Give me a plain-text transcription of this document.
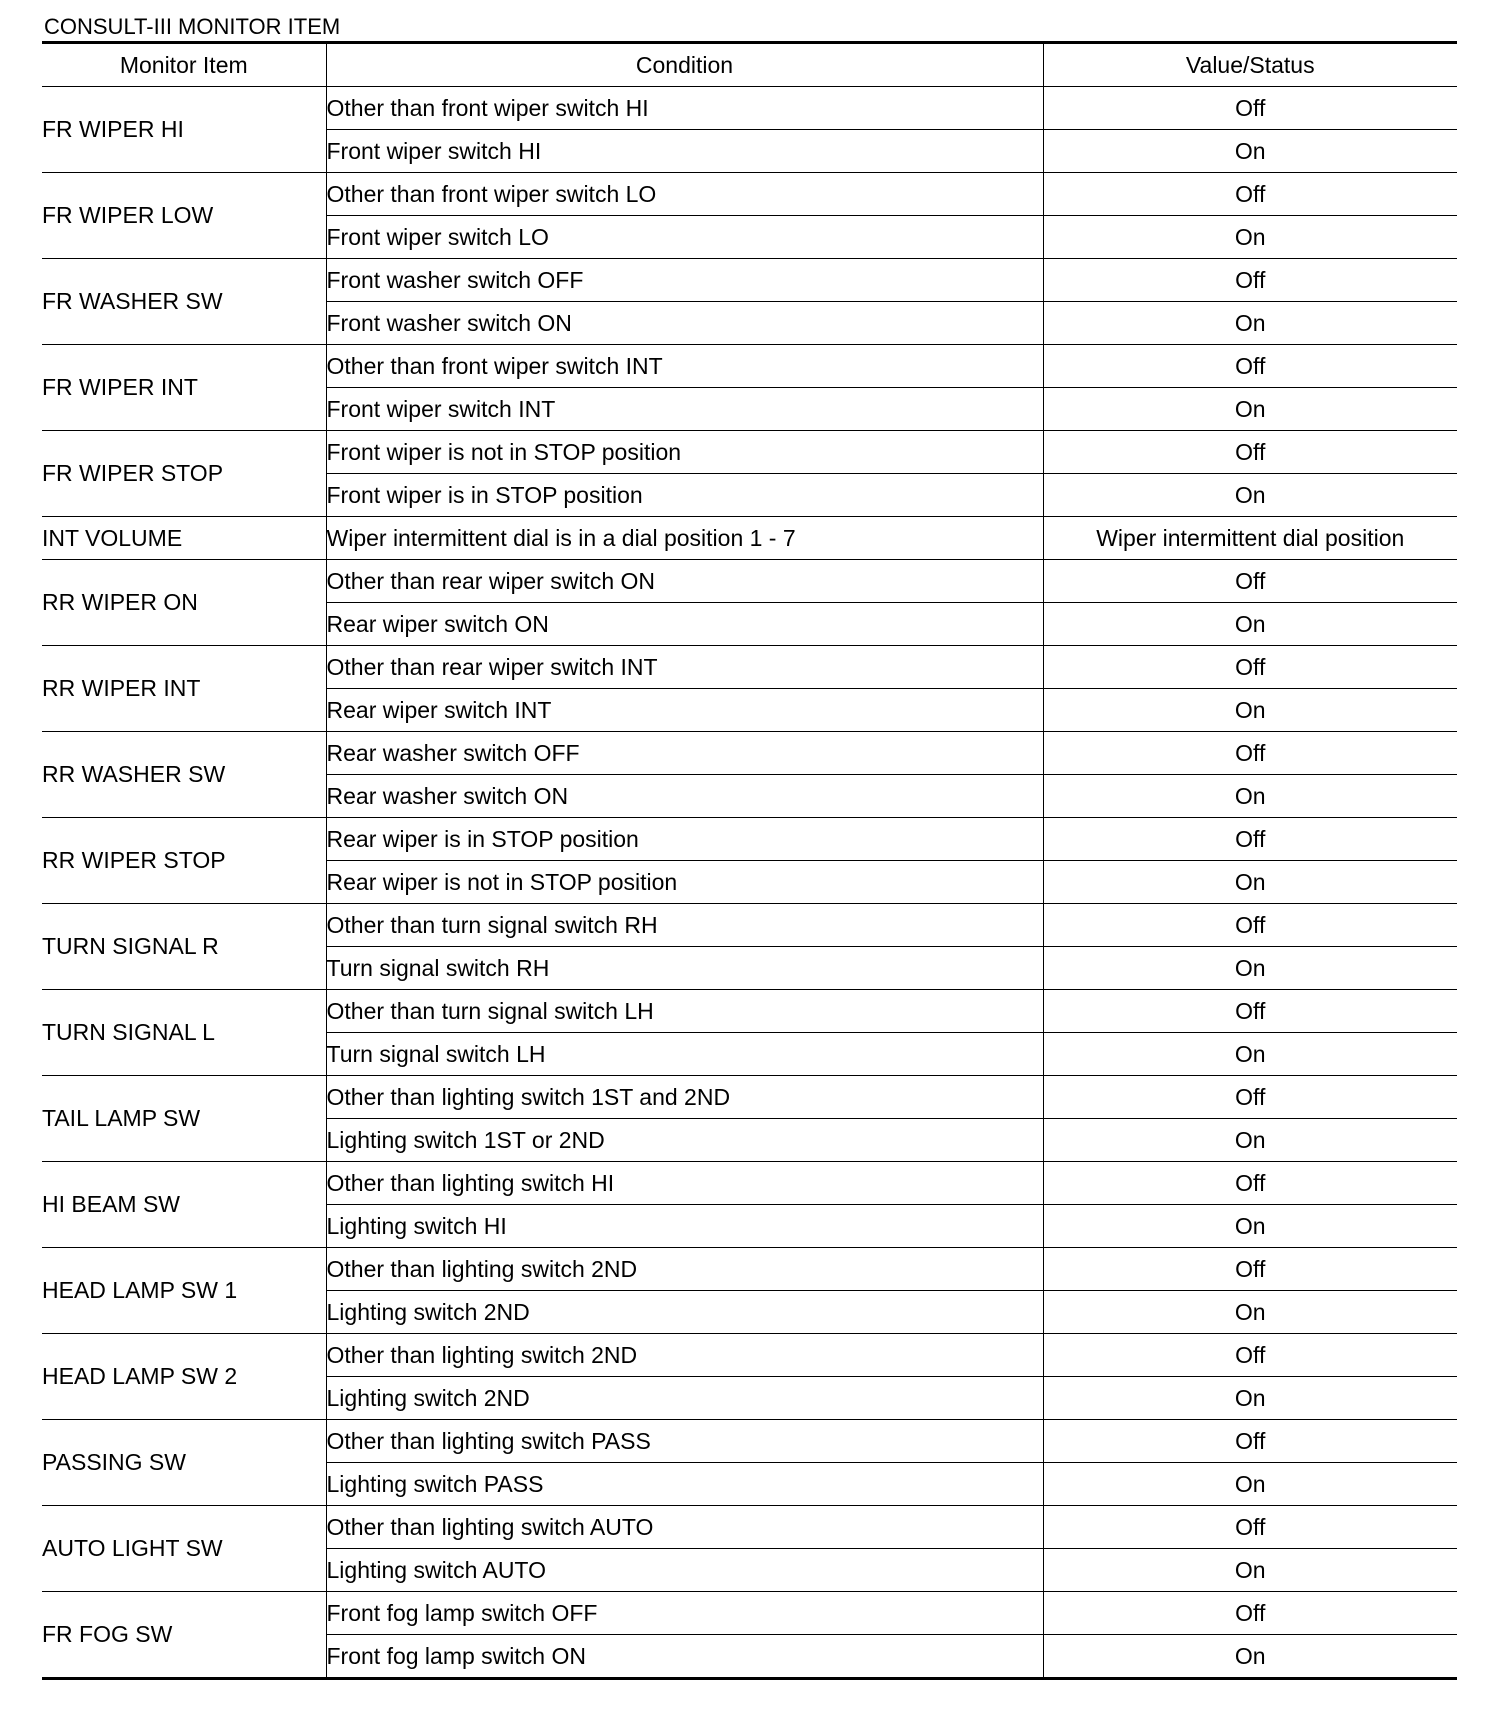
CONSULT-III MONITOR ITEM
Monitor Item	Condition	Value/Status
FR WIPER HI	Other than front wiper switch HI	Off
	Front wiper switch HI	On
FR WIPER LOW	Other than front wiper switch LO	Off
	Front wiper switch LO	On
FR WASHER SW	Front washer switch OFF	Off
	Front washer switch ON	On
FR WIPER INT	Other than front wiper switch INT	Off
	Front wiper switch INT	On
FR WIPER STOP	Front wiper is not in STOP position	Off
	Front wiper is in STOP position	On
INT VOLUME	Wiper intermittent dial is in a dial position 1 - 7	Wiper intermittent dial position
RR WIPER ON	Other than rear wiper switch ON	Off
	Rear wiper switch ON	On
RR WIPER INT	Other than rear wiper switch INT	Off
	Rear wiper switch INT	On
RR WASHER SW	Rear washer switch OFF	Off
	Rear washer switch ON	On
RR WIPER STOP	Rear wiper is in STOP position	Off
	Rear wiper is not in STOP position	On
TURN SIGNAL R	Other than turn signal switch RH	Off
	Turn signal switch RH	On
TURN SIGNAL L	Other than turn signal switch LH	Off
	Turn signal switch LH	On
TAIL LAMP SW	Other than lighting switch 1ST and 2ND	Off
	Lighting switch 1ST or 2ND	On
HI BEAM SW	Other than lighting switch HI	Off
	Lighting switch HI	On
HEAD LAMP SW 1	Other than lighting switch 2ND	Off
	Lighting switch 2ND	On
HEAD LAMP SW 2	Other than lighting switch 2ND	Off
	Lighting switch 2ND	On
PASSING SW	Other than lighting switch PASS	Off
	Lighting switch PASS	On
AUTO LIGHT SW	Other than lighting switch AUTO	Off
	Lighting switch AUTO	On
FR FOG SW	Front fog lamp switch OFF	Off
	Front fog lamp switch ON	On
